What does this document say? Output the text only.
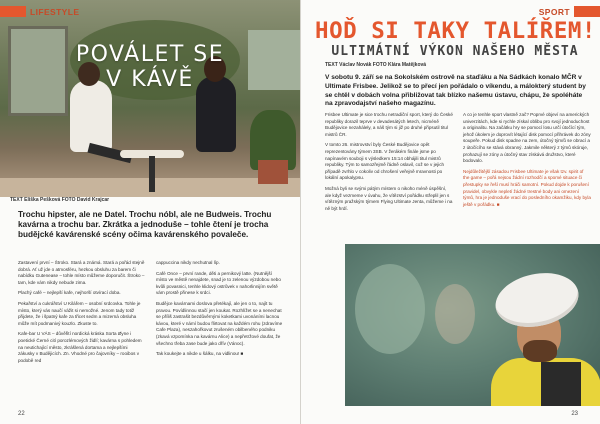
LIFESTYLE
POVÁLET SE
V KÁVĚ
TEXT Eliška Pešková FOTO David Krajcar

Trochu hipster, ale ne Datel. Trochu nóbl, ale ne Budweis. Trochu kavárna a trochu bar. Zkrátka a jednoduše – tohle čtení je trocha budějcké kavárenské scény očima kavárenského povaleče.

Zastavení první – Štroko. Stará a známá. Stará a pořád stejně dobrá. Ať už jde o atmosféru, hezkou obsluhu za barem či nabídku Gutenease – tohle místo můžeme doporučit. Štroko – tam, kde vám nikdy nebude zima.

Plachý café – nejlepší kafe, nejhorší otvírací doba.

Pekařství a cukrářství U Kilářem – osobní srdcovka. Tohle je místo, který vás naučí vážit si nemožné. Jenom tady totiž přijdete, že i špatný kafe za třicet sedm a mizerná obsluha může mít podmanivý kouzlo. Zkuste to.

Kafe-bar U VÁS – důvěřití nordická kráska Sorta Øyne i poetické Černé cití porozlémových židlí; kavárna s pohledem na neutichající město, zkrášlená dortama a nejlepšími zákusky v Budějicích. Zn. Vhodné pro čajovníky – rooibos v podobě red

cappuccina nikdy nechutnal líp.

Café Once – první rande, děti a pernikový latte. (Nutnější místo ve městě nenajdete, snad je to zelenou výzdobou nebo kvůli povasnici, tenhle klidový ostrůvek v nahorlinnijím světě vám prostě přinese k srdci.

Budějce kavárnami doslova přetékají, ale jen o to, najít tu pravou. Povídlinnou stačí jen koukat. Rozhlížet se a nenechat se příliš zastrašit bezdůvěrnými koketkami uvonáními lacnou kávou, které v námí budou flirtovat na každém rohu (zdravíme Cafe Plaza), neszahořkovut zrušeném obilbeného podniku (zkavá vzpomínka na kavárnu Alice) a nepřetržové doufat, že všechno třeba zase bude jako dřív (Vánoc).

Tak koukejte a nikde u šálku, na vidlinou! ■

22
SPORT
HOĎ SI TAKY TALÍŘEM!
ULTIMÁTNÍ VÝKON NAŠEHO MĚSTA
TEXT Václav Novák FOTO Klára Matějková

V sobotu 9. září se na Sokolském ostrově na staďáku a Na Sádkách konalo MČR v Ultimate Frisbee. Jelikož se to přecí jen pořádalo o víkendu, a málokterý student by se chtěl v dobách volna přibližovat tak blízko našemu ústavu, chápu, že spoléháte na zpravodajství našeho magazínu.

Frisbee Ultimate je sice trochu netradiční sport, který do České republiky dorazil teprve v devadesátých letech, nicméně Budějovice nezahálely, a náš tým si již po druhé připsutil titul mistrů ČR.

V tomto 26. mistrovství byly České Budějovice opět reprezentovány týmem 3SB. V žerákém finále jsme po napínavém souboji s výsledkem 15:14 obhájili titul mistrů republiky. Tým to samozřejmě řádně oslavil, což se v jejich případě zvrhlo v cokoliv od chrošení veřejně mravnosti po lokální apokalypsu.

Možná byli se svými pátým místem o nikoho méně úspěšní, ale když vezmeme v úvahu, že vítězství pořádku střeplil jen s vítězným pražským týmem Flying Ultimate Jenta, můžeme i na ně být hrdí.

A co je tenhle sport vlastně zač? Poprvé objeví na amerických univerzitách, kde si rychle získal oblibu pro svojí jednoduchost a originalitu. Na začátku hry se pomocí losu určí útočící tým, jehož úkolem je doprovít létající disk pomocí přihrávek do zóny soupeře. Pokud disk spadne na zem, útočný tým/ů se obrací a z útočícího se stává obranný. Jakmile některý z týmů skóruje, prohazují se zóny a útočný stav získává družstvo, které bodovalo.

Nejdůležitější zásadou Frisbee Ultimate je však tzv. spirit of the game – pořá nejsou žádní rozhodčí a spomé situace či přestupky se řeší musí hráči samotní. Pokud dojde k porušení pravidel, obvykle nepletí žádné trestné body ani omezení týmů, hra je jednoduše vrací do posledního okamžiku, kdy byla ještě v pořádku. ■

23
